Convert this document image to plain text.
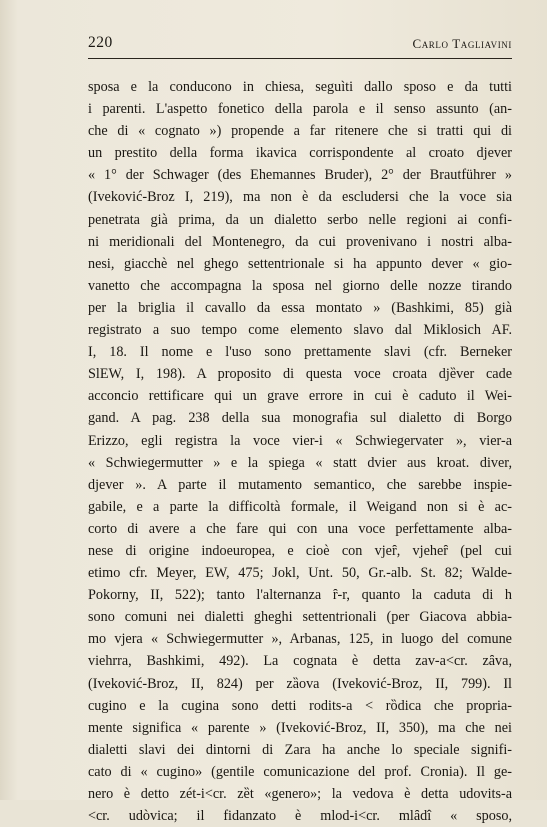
220	Carlo Tagliavini
sposa e la conducono in chiesa, seguìti dallo sposo e da tutti
i parenti. L'aspetto fonetico della parola e il senso assunto (an-
che di « cognato ») propende a far ritenere che si tratti qui di
un prestito della forma ikavica corrispondente al croato djever
« 1° der Schwager (des Ehemannes Bruder), 2° der Brautführer »
(Iveković-Broz I, 219), ma non è da escludersi che la voce sia
penetrata già prima, da un dialetto serbo nelle regioni ai confi-
ni meridionali del Montenegro, da cui provenivano i nostri alba-
nesi, giacchè nel ghego settentrionale si ha appunto dever « gio-
vanetto che accompagna la sposa nel giorno delle nozze tirando
per la briglia il cavallo da essa montato » (Bashkimi, 85) già
registrato a suo tempo come elemento slavo dal Miklosich AF.
I, 18. Il nome e l'uso sono prettamente slavi (cfr. Berneker
SlEW, I, 198). A proposito di questa voce croata djȅver cade
acconcio rettificare qui un grave errore in cui è caduto il Wei-
gand. A pag. 238 della sua monografia sul dialetto di Borgo
Erizzo, egli registra la voce vier-i « Schwiegervater », vier-a
« Schwiegermutter » e la spiega « statt dvier aus kroat. diver,
djever ». A parte il mutamento semantico, che sarebbe inspie-
gabile, e a parte la difficoltà formale, il Weigand non si è ac-
corto di avere a che fare qui con una voce perfettamente alba-
nese di origine indoeuropea, e cioè con vjeȓ, vjeheȓ (pel cui
etimo cfr. Meyer, EW, 475; Jokl, Unt. 50, Gr.-alb. St. 82; Walde-
Pokorny, II, 522); tanto l'alternanza ȓ-r, quanto la caduta di h
sono comuni nei dialetti gheghi settentrionali (per Giacova abbia-
mo vjera « Schwiegermutter », Arbanas, 125, in luogo del comune
viehrra, Bashkimi, 492). La cognata è detta zav-a<cr. zȃva,
(Iveković-Broz, II, 824) per zȁova (Iveković-Broz, II, 799). Il
cugino e la cugina sono detti rodits-a < rȍdica che propria-
mente significa « parente » (Iveković-Broz, II, 350), ma che nei
dialetti slavi dei dintorni di Zara ha anche lo speciale signifi-
cato di « cugino» (gentile comunicazione del prof. Cronia). Il ge-
nero è detto zét-i<cr. zȅt «genero»; la vedova è detta udovits-a
<cr. udòvica; il fidanzato è mlod-i<cr. mlȃdî « sposo,
